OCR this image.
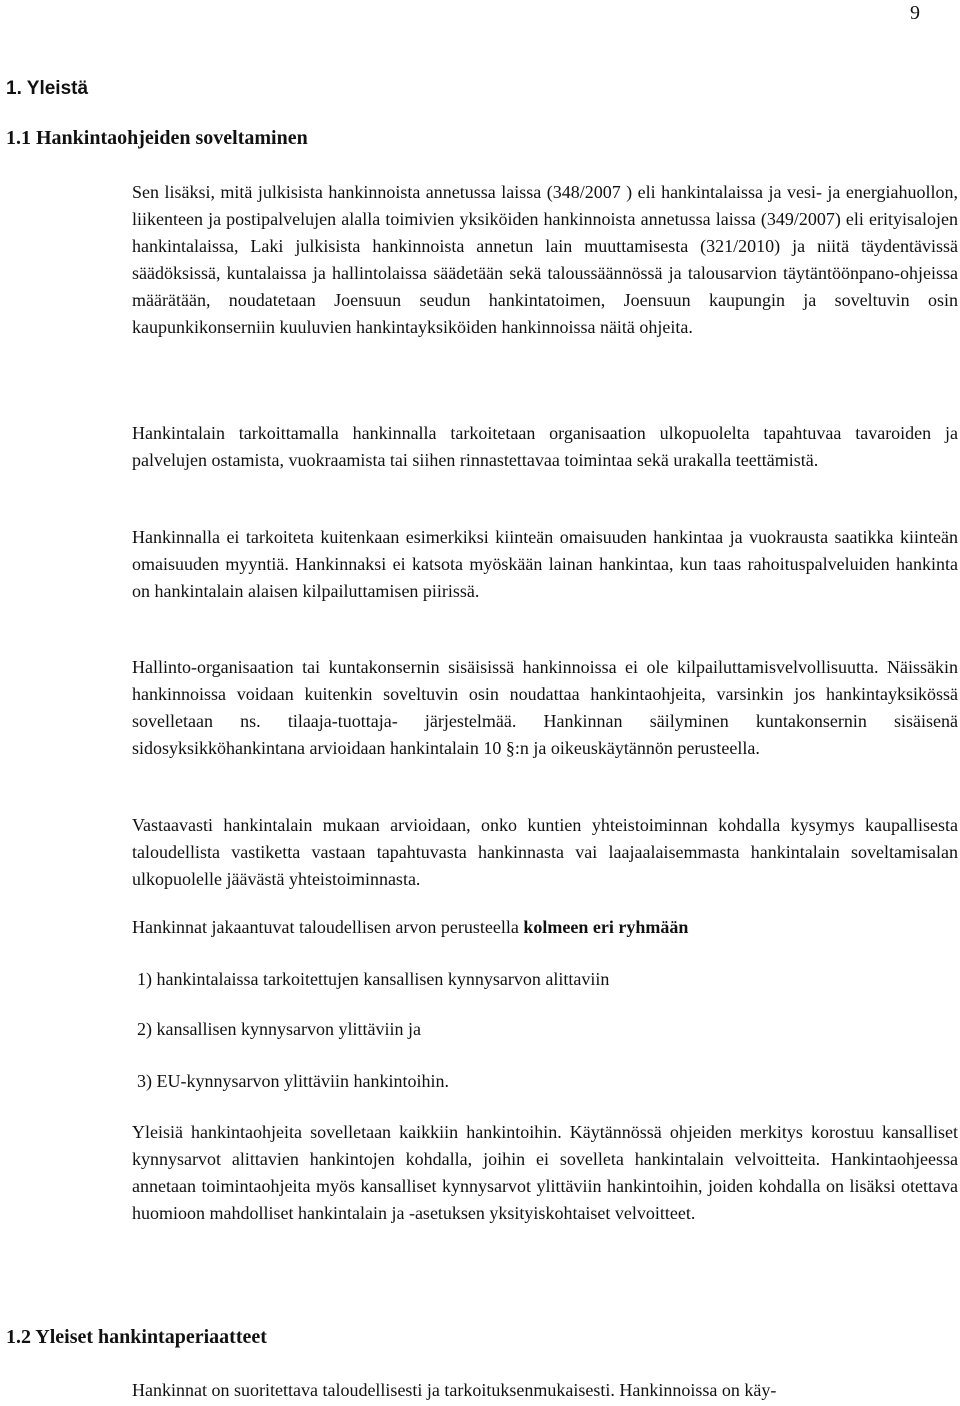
9
1. Yleistä
1.1 Hankintaohjeiden soveltaminen

Sen lisäksi, mitä julkisista hankinnoista annetussa laissa (348/2007 ) eli hankintalaissa ja vesi- ja energiahuollon, liikenteen ja postipalvelujen alalla toimivien yksiköiden hankinnoista annetussa laissa (349/2007) eli erityisalojen hankintalaissa, Laki julkisista hankinnoista annetun lain muuttamisesta (321/2010) ja niitä täydentävissä säädöksissä, kuntalaissa ja hallintolaissa säädetään sekä taloussäännössä ja talousarvion täytäntöönpano-ohjeissa määrätään, noudatetaan Joensuun seudun hankintatoimen, Joensuun kaupungin ja soveltuvin osin kaupunkikonserniin kuuluvien hankintayksiköiden hankinnoissa näitä ohjeita.

Hankintalain tarkoittamalla hankinnalla tarkoitetaan organisaation ulkopuolelta tapahtuvaa tavaroiden ja palvelujen ostamista, vuokraamista tai siihen rinnastettavaa toimintaa sekä urakalla teettämistä.

Hankinnalla ei tarkoiteta kuitenkaan esimerkiksi kiinteän omaisuuden hankintaa ja vuokrausta saatikka kiinteän omaisuuden myyntiä. Hankinnaksi ei katsota myöskään lainan hankintaa, kun taas rahoituspalveluiden hankinta on hankintalain alaisen kilpailuttamisen piirissä.

Hallinto-organisaation tai kuntakonsernin sisäisissä hankinnoissa ei ole kilpailuttamisvelvollisuutta. Näissäkin hankinnoissa voidaan kuitenkin soveltuvin osin noudattaa hankintaohjeita, varsinkin jos hankintayksikössä sovelletaan ns. tilaaja-tuottaja- järjestelmää. Hankinnan säilyminen kuntakonsernin sisäisenä sidosyksikköhankintana arvioidaan hankintalain 10 §:n ja oikeuskäytännön perusteella.

Vastaavasti hankintalain mukaan arvioidaan, onko kuntien yhteistoiminnan kohdalla kysymys kaupallisesta taloudellista vastiketta vastaan tapahtuvasta hankinnasta vai laajaalaisemmasta hankintalain soveltamisalan ulkopuolelle jäävästä yhteistoiminnasta.

Hankinnat jakaantuvat taloudellisen arvon perusteella kolmeen eri ryhmään

1) hankintalaissa tarkoitettujen kansallisen kynnysarvon alittaviin
2) kansallisen kynnysarvon ylittäviin ja
3) EU-kynnysarvon ylittäviin hankintoihin.

Yleisiä hankintaohjeita sovelletaan kaikkiin hankintoihin. Käytännössä ohjeiden merkitys korostuu kansalliset kynnysarvot alittavien hankintojen kohdalla, joihin ei sovelleta hankintalain velvoitteita. Hankintaohjeessa annetaan toimintaohjeita myös kansalliset kynnysarvot ylittäviin hankintoihin, joiden kohdalla on lisäksi otettava huomioon mahdolliset hankintalain ja -asetuksen yksityiskohtaiset velvoitteet.

1.2 Yleiset hankintaperiaatteet
Hankinnat on suoritettava taloudellisesti ja tarkoituksenmukaisesti. Hankinnoissa on käy-
